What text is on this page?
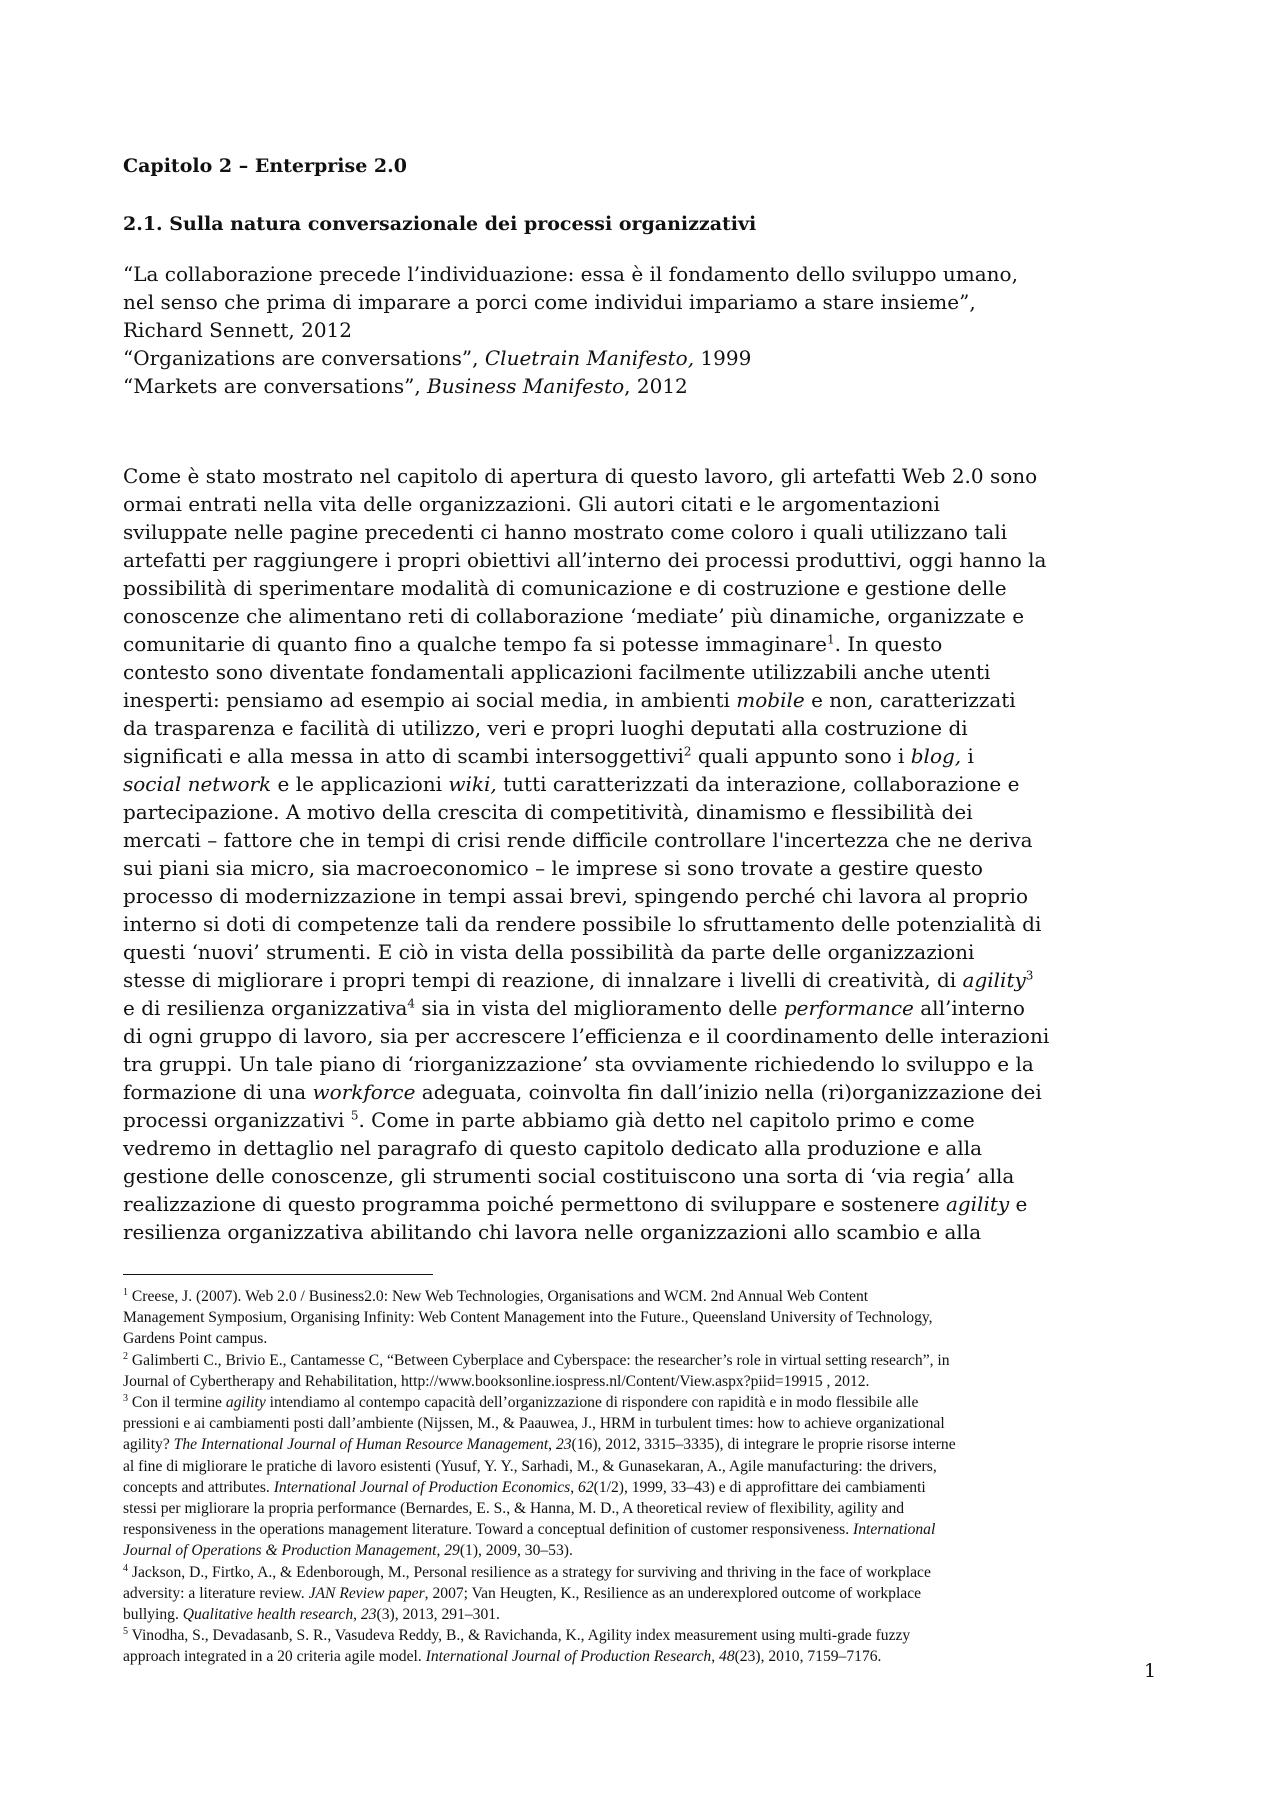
Capitolo 2 – Enterprise 2.0
2.1. Sulla natura conversazionale dei processi organizzativi
“La collaborazione precede l’individuazione: essa è il fondamento dello sviluppo umano,
nel senso che prima di imparare a porci come individui impariamo a stare insieme”,
Richard Sennett, 2012
“Organizations are conversations”, Cluetrain Manifesto, 1999
“Markets are conversations”, Business Manifesto, 2012
Come è stato mostrato nel capitolo di apertura di questo lavoro, gli artefatti Web 2.0 sono
ormai entrati nella vita delle organizzazioni. Gli autori citati e le argomentazioni
sviluppate nelle pagine precedenti ci hanno mostrato come coloro i quali utilizzano tali
artefatti per raggiungere i propri obiettivi all’interno dei processi produttivi, oggi hanno la
possibilità di sperimentare modalità di comunicazione e di costruzione e gestione delle
conoscenze che alimentano reti di collaborazione ‘mediate’ più dinamiche, organizzate e
comunitarie di quanto fino a qualche tempo fa si potesse immaginare$^1$. In questo
contesto sono diventate fondamentali applicazioni facilmente utilizzabili anche utenti
inesperti: pensiamo ad esempio ai social media, in ambienti mobile e non, caratterizzati
da trasparenza e facilità di utilizzo, veri e propri luoghi deputati alla costruzione di
significati e alla messa in atto di scambi intersoggettivi$^2$ quali appunto sono i blog, i
social network e le applicazioni wiki, tutti caratterizzati da interazione, collaborazione e
partecipazione. A motivo della crescita di competitività, dinamismo e flessibilità dei
mercati – fattore che in tempi di crisi rende difficile controllare l'incertezza che ne deriva
sui piani sia micro, sia macroeconomico – le imprese si sono trovate a gestire questo
processo di modernizzazione in tempi assai brevi, spingendo perché chi lavora al proprio
interno si doti di competenze tali da rendere possibile lo sfruttamento delle potenzialità di
questi ‘nuovi’ strumenti. E ciò in vista della possibilità da parte delle organizzazioni
stesse di migliorare i propri tempi di reazione, di innalzare i livelli di creatività, di agility$^3$
e di resilienza organizzativa$^4$ sia in vista del miglioramento delle performance all’interno
di ogni gruppo di lavoro, sia per accrescere l’efficienza e il coordinamento delle interazioni
tra gruppi. Un tale piano di ‘riorganizzazione’ sta ovviamente richiedendo lo sviluppo e la
formazione di una workforce adeguata, coinvolta fin dall’inizio nella (ri)organizzazione dei
processi organizzativi $^5$. Come in parte abbiamo già detto nel capitolo primo e come
vedremo in dettaglio nel paragrafo di questo capitolo dedicato alla produzione e alla
gestione delle conoscenze, gli strumenti social costituiscono una sorta di ‘via regia’ alla
realizzazione di questo programma poiché permettono di sviluppare e sostenere agility e
resilienza organizzativa abilitando chi lavora nelle organizzazioni allo scambio e alla
$^1$ Creese, J. (2007). Web 2.0 / Business2.0: New Web Technologies, Organisations and WCM. 2nd Annual Web Content
Management Symposium, Organising Infinity: Web Content Management into the Future., Queensland University of Technology,
Gardens Point campus.
$^2$ Galimberti C., Brivio E., Cantamesse C, “Between Cyberplace and Cyberspace: the researcher’s role in virtual setting research”, in
Journal of Cybertherapy and Rehabilitation, http://www.booksonline.iospress.nl/Content/View.aspx?piid=19915 , 2012.
$^3$ Con il termine agility intendiamo al contempo capacità dell’organizzazione di rispondere con rapidità e in modo flessibile alle
pressioni e ai cambiamenti posti dall’ambiente (Nijssen, M., & Paauwea, J., HRM in turbulent times: how to achieve organizational
agility? The International Journal of Human Resource Management, 23(16), 2012, 3315–3335), di integrare le proprie risorse interne
al fine di migliorare le pratiche di lavoro esistenti (Yusuf, Y. Y., Sarhadi, M., & Gunasekaran, A., Agile manufacturing: the drivers,
concepts and attributes. International Journal of Production Economics, 62(1/2), 1999, 33–43) e di approfittare dei cambiamenti
stessi per migliorare la propria performance (Bernardes, E. S., & Hanna, M. D., A theoretical review of flexibility, agility and
responsiveness in the operations management literature. Toward a conceptual definition of customer responsiveness. International
Journal of Operations & Production Management, 29(1), 2009, 30–53).
$^4$ Jackson, D., Firtko, A., & Edenborough, M., Personal resilience as a strategy for surviving and thriving in the face of workplace
adversity: a literature review. JAN Review paper, 2007; Van Heugten, K., Resilience as an underexplored outcome of workplace
bullying. Qualitative health research, 23(3), 2013, 291–301.
$^5$ Vinodha, S., Devadasanb, S. R., Vasudeva Reddy, B., & Ravichanda, K., Agility index measurement using multi-grade fuzzy
approach integrated in a 20 criteria agile model. International Journal of Production Research, 48(23), 2010, 7159–7176.
1
